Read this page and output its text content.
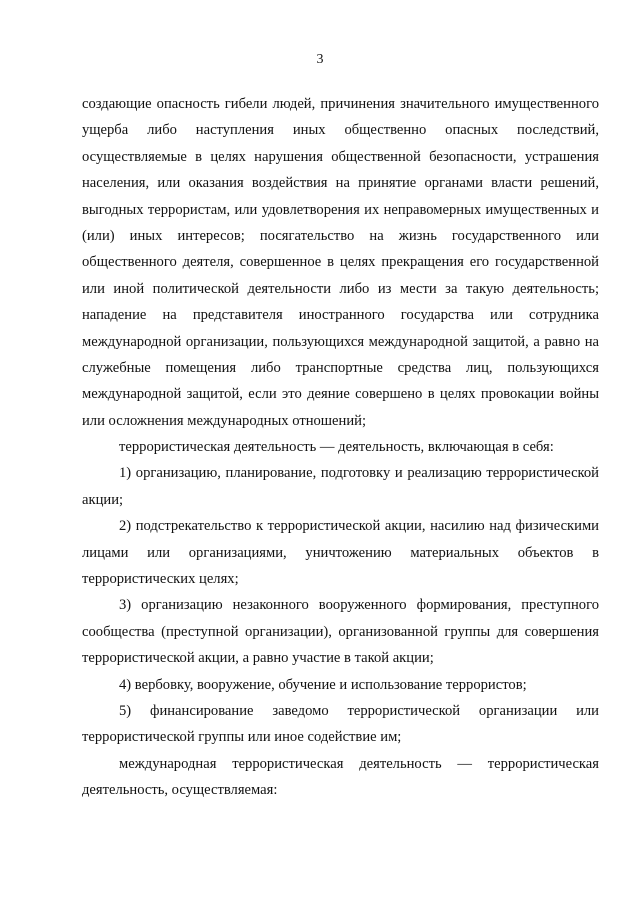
3
создающие опасность гибели людей, причинения значительного имущественного
ущерба либо наступления иных общественно опасных последствий,
осуществляемые в целях нарушения общественной безопасности, устрашения
населения, или оказания воздействия на принятие органами власти решений,
выгодных террористам, или удовлетворения их неправомерных имущественных и
(или) иных интересов; посягательство на жизнь государственного или
общественного деятеля, совершенное в целях прекращения его государственной
или иной политической деятельности либо из мести за такую деятельность;
нападение на представителя иностранного государства или сотрудника
международной организации, пользующихся международной защитой, а равно на
служебные помещения либо транспортные средства лиц, пользующихся
международной защитой, если это деяние совершено в целях провокации войны
или осложнения международных отношений;
террористическая деятельность — деятельность, включающая в себя:
1) организацию, планирование, подготовку и реализацию террористической
акции;
2) подстрекательство к террористической акции, насилию над физическими
лицами или организациями, уничтожению материальных объектов в
террористических целях;
3) организацию незаконного вооруженного формирования, преступного
сообщества (преступной организации), организованной группы для совершения
террористической акции, а равно участие в такой акции;
4) вербовку, вооружение, обучение и использование террористов;
5) финансирование заведомо террористической организации или
террористической группы или иное содействие им;
международная террористическая деятельность — террористическая
деятельность, осуществляемая:
